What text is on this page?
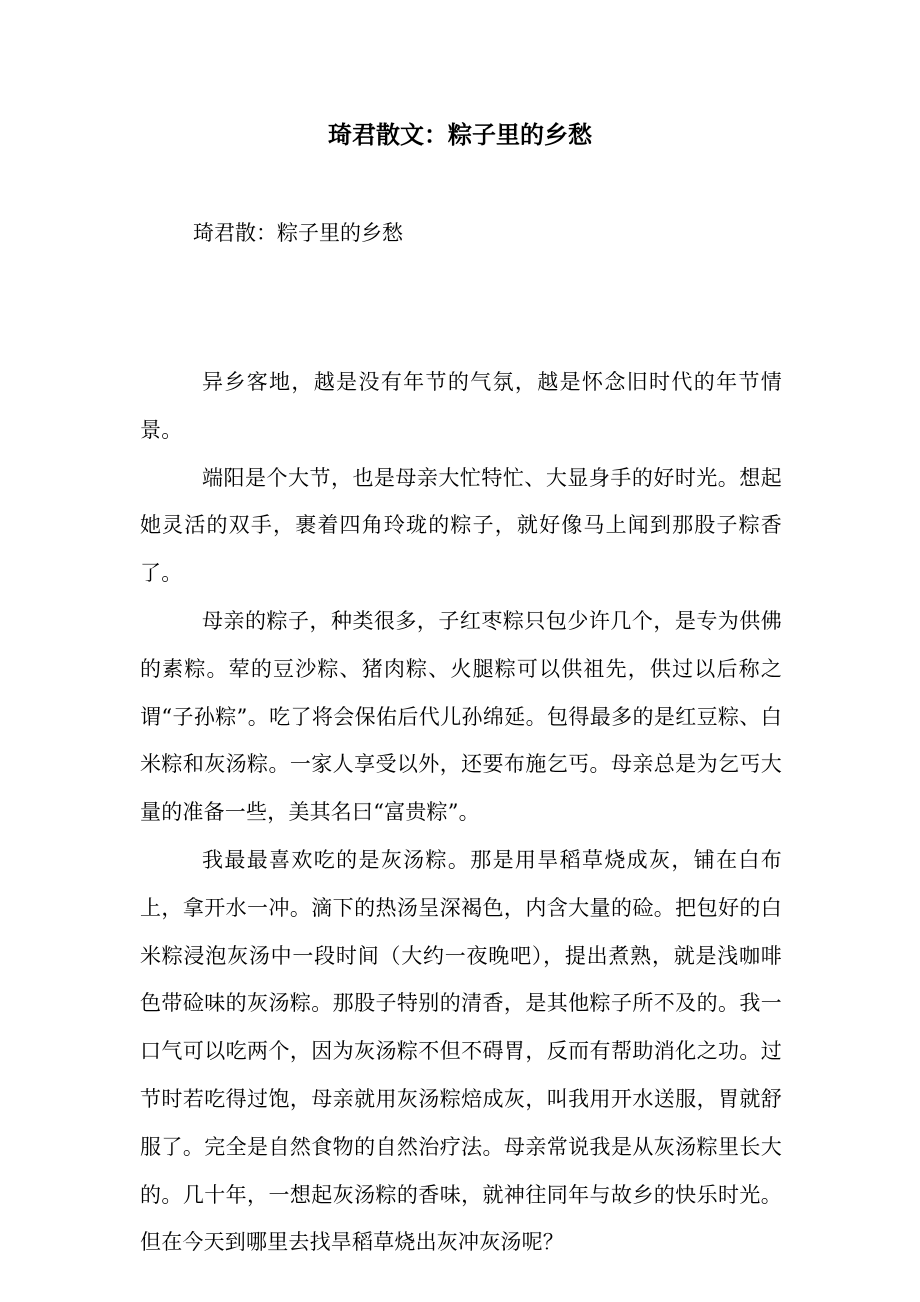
琦君散文：粽子里的乡愁

琦君散：粽子里的乡愁

异乡客地，越是没有年节的气氛，越是怀念旧时代的年节情景。

端阳是个大节，也是母亲大忙特忙、大显身手的好时光。想起她灵活的双手，裹着四角玲珑的粽子，就好像马上闻到那股子粽香了。

母亲的粽子，种类很多，子红枣粽只包少许几个，是专为供佛的素粽。荤的豆沙粽、猪肉粽、火腿粽可以供祖先，供过以后称之谓“子孙粽”。吃了将会保佑后代儿孙绵延。包得最多的是红豆粽、白米粽和灰汤粽。一家人享受以外，还要布施乞丐。母亲总是为乞丐大量的准备一些，美其名曰“富贵粽”。

我最最喜欢吃的是灰汤粽。那是用旱稻草烧成灰，铺在白布上，拿开水一冲。滴下的热汤呈深褐色，内含大量的硷。把包好的白米粽浸泡灰汤中一段时间（大约一夜晚吧），提出煮熟，就是浅咖啡色带硷味的灰汤粽。那股子特别的清香，是其他粽子所不及的。我一口气可以吃两个，因为灰汤粽不但不碍胃，反而有帮助消化之功。过节时若吃得过饱，母亲就用灰汤粽焙成灰，叫我用开水送服，胃就舒服了。完全是自然食物的自然治疗法。母亲常说我是从灰汤粽里长大的。几十年，一想起灰汤粽的香味，就神往同年与故乡的快乐时光。但在今天到哪里去找旱稻草烧出灰冲灰汤呢？
